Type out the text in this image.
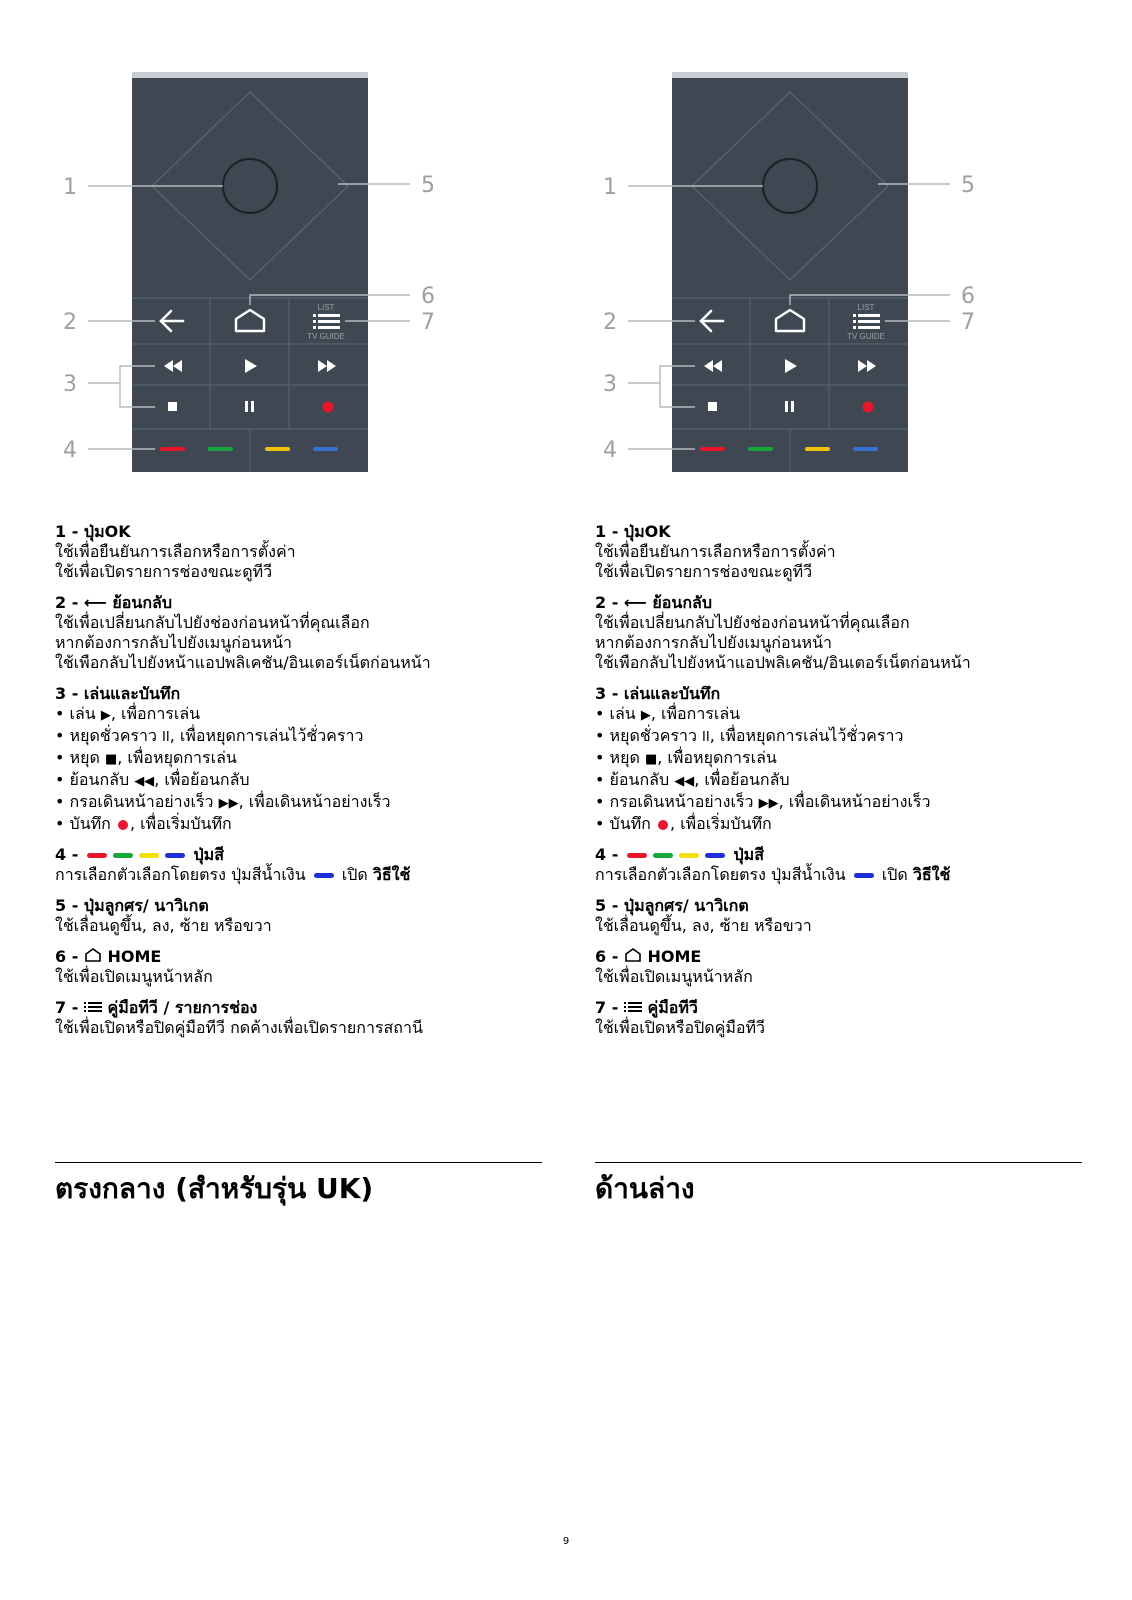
LIST
TV GUIDE
1
2
3
4
5
6
7
1 - ปุ่มOK
ใช้เพื่อยืนยันการเลือกหรือการตั้งค่า
ใช้เพื่อเปิดรายการช่องขณะดูทีวี
2 - ⟵ ย้อนกลับ
ใช้เพื่อเปลี่ยนกลับไปยังช่องก่อนหน้าที่คุณเลือก
หากต้องการกลับไปยังเมนูก่อนหน้า
ใช้เพือกลับไปยังหน้าแอปพลิเคชัน/อินเตอร์เน็ตก่อนหน้า
3 - เล่นและบันทึก
• เล่น ▶, เพื่อการเล่น
• หยุดชั่วคราว II, เพื่อหยุดการเล่นไว้ชั่วคราว
• หยุด ■, เพื่อหยุดการเล่น
• ย้อนกลับ ◀◀, เพื่อย้อนกลับ
• กรอเดินหน้าอย่างเร็ว ▶▶, เพื่อเดินหน้าอย่างเร็ว
• บันทึก , เพื่อเริ่มบันทึก
4 -	ปุ่มสี
การเลือกตัวเลือกโดยตรง ปุ่มสีน้ำเงิน  เปิด วิธีใช้
5 - ปุ่มลูกศร/ นาวิเกต
ใช้เลื่อนดูขึ้น, ลง, ซ้าย หรือขวา
6 -  HOME
ใช้เพื่อเปิดเมนูหน้าหลัก
7 -  คู่มือทีวี / รายการช่อง
ใช้เพื่อเปิดหรือปิดคู่มือทีวี กดค้างเพื่อเปิดรายการสถานี
ตรงกลาง (สำหรับรุ่น UK)
LIST
TV GUIDE
1
2
3
4
5
6
7
1 - ปุ่มOK
ใช้เพื่อยืนยันการเลือกหรือการตั้งค่า
ใช้เพื่อเปิดรายการช่องขณะดูทีวี
2 - ⟵ ย้อนกลับ
ใช้เพื่อเปลี่ยนกลับไปยังช่องก่อนหน้าที่คุณเลือก
หากต้องการกลับไปยังเมนูก่อนหน้า
ใช้เพือกลับไปยังหน้าแอปพลิเคชัน/อินเตอร์เน็ตก่อนหน้า
3 - เล่นและบันทึก
• เล่น ▶, เพื่อการเล่น
• หยุดชั่วคราว II, เพื่อหยุดการเล่นไว้ชั่วคราว
• หยุด ■, เพื่อหยุดการเล่น
• ย้อนกลับ ◀◀, เพื่อย้อนกลับ
• กรอเดินหน้าอย่างเร็ว ▶▶, เพื่อเดินหน้าอย่างเร็ว
• บันทึก , เพื่อเริ่มบันทึก
4 -	ปุ่มสี
การเลือกตัวเลือกโดยตรง ปุ่มสีน้ำเงิน  เปิด วิธีใช้
5 - ปุ่มลูกศร/ นาวิเกต
ใช้เลื่อนดูขึ้น, ลง, ซ้าย หรือขวา
6 -  HOME
ใช้เพื่อเปิดเมนูหน้าหลัก
7 -  คู่มือทีวี
ใช้เพื่อเปิดหรือปิดคู่มือทีวี
ด้านล่าง
9
